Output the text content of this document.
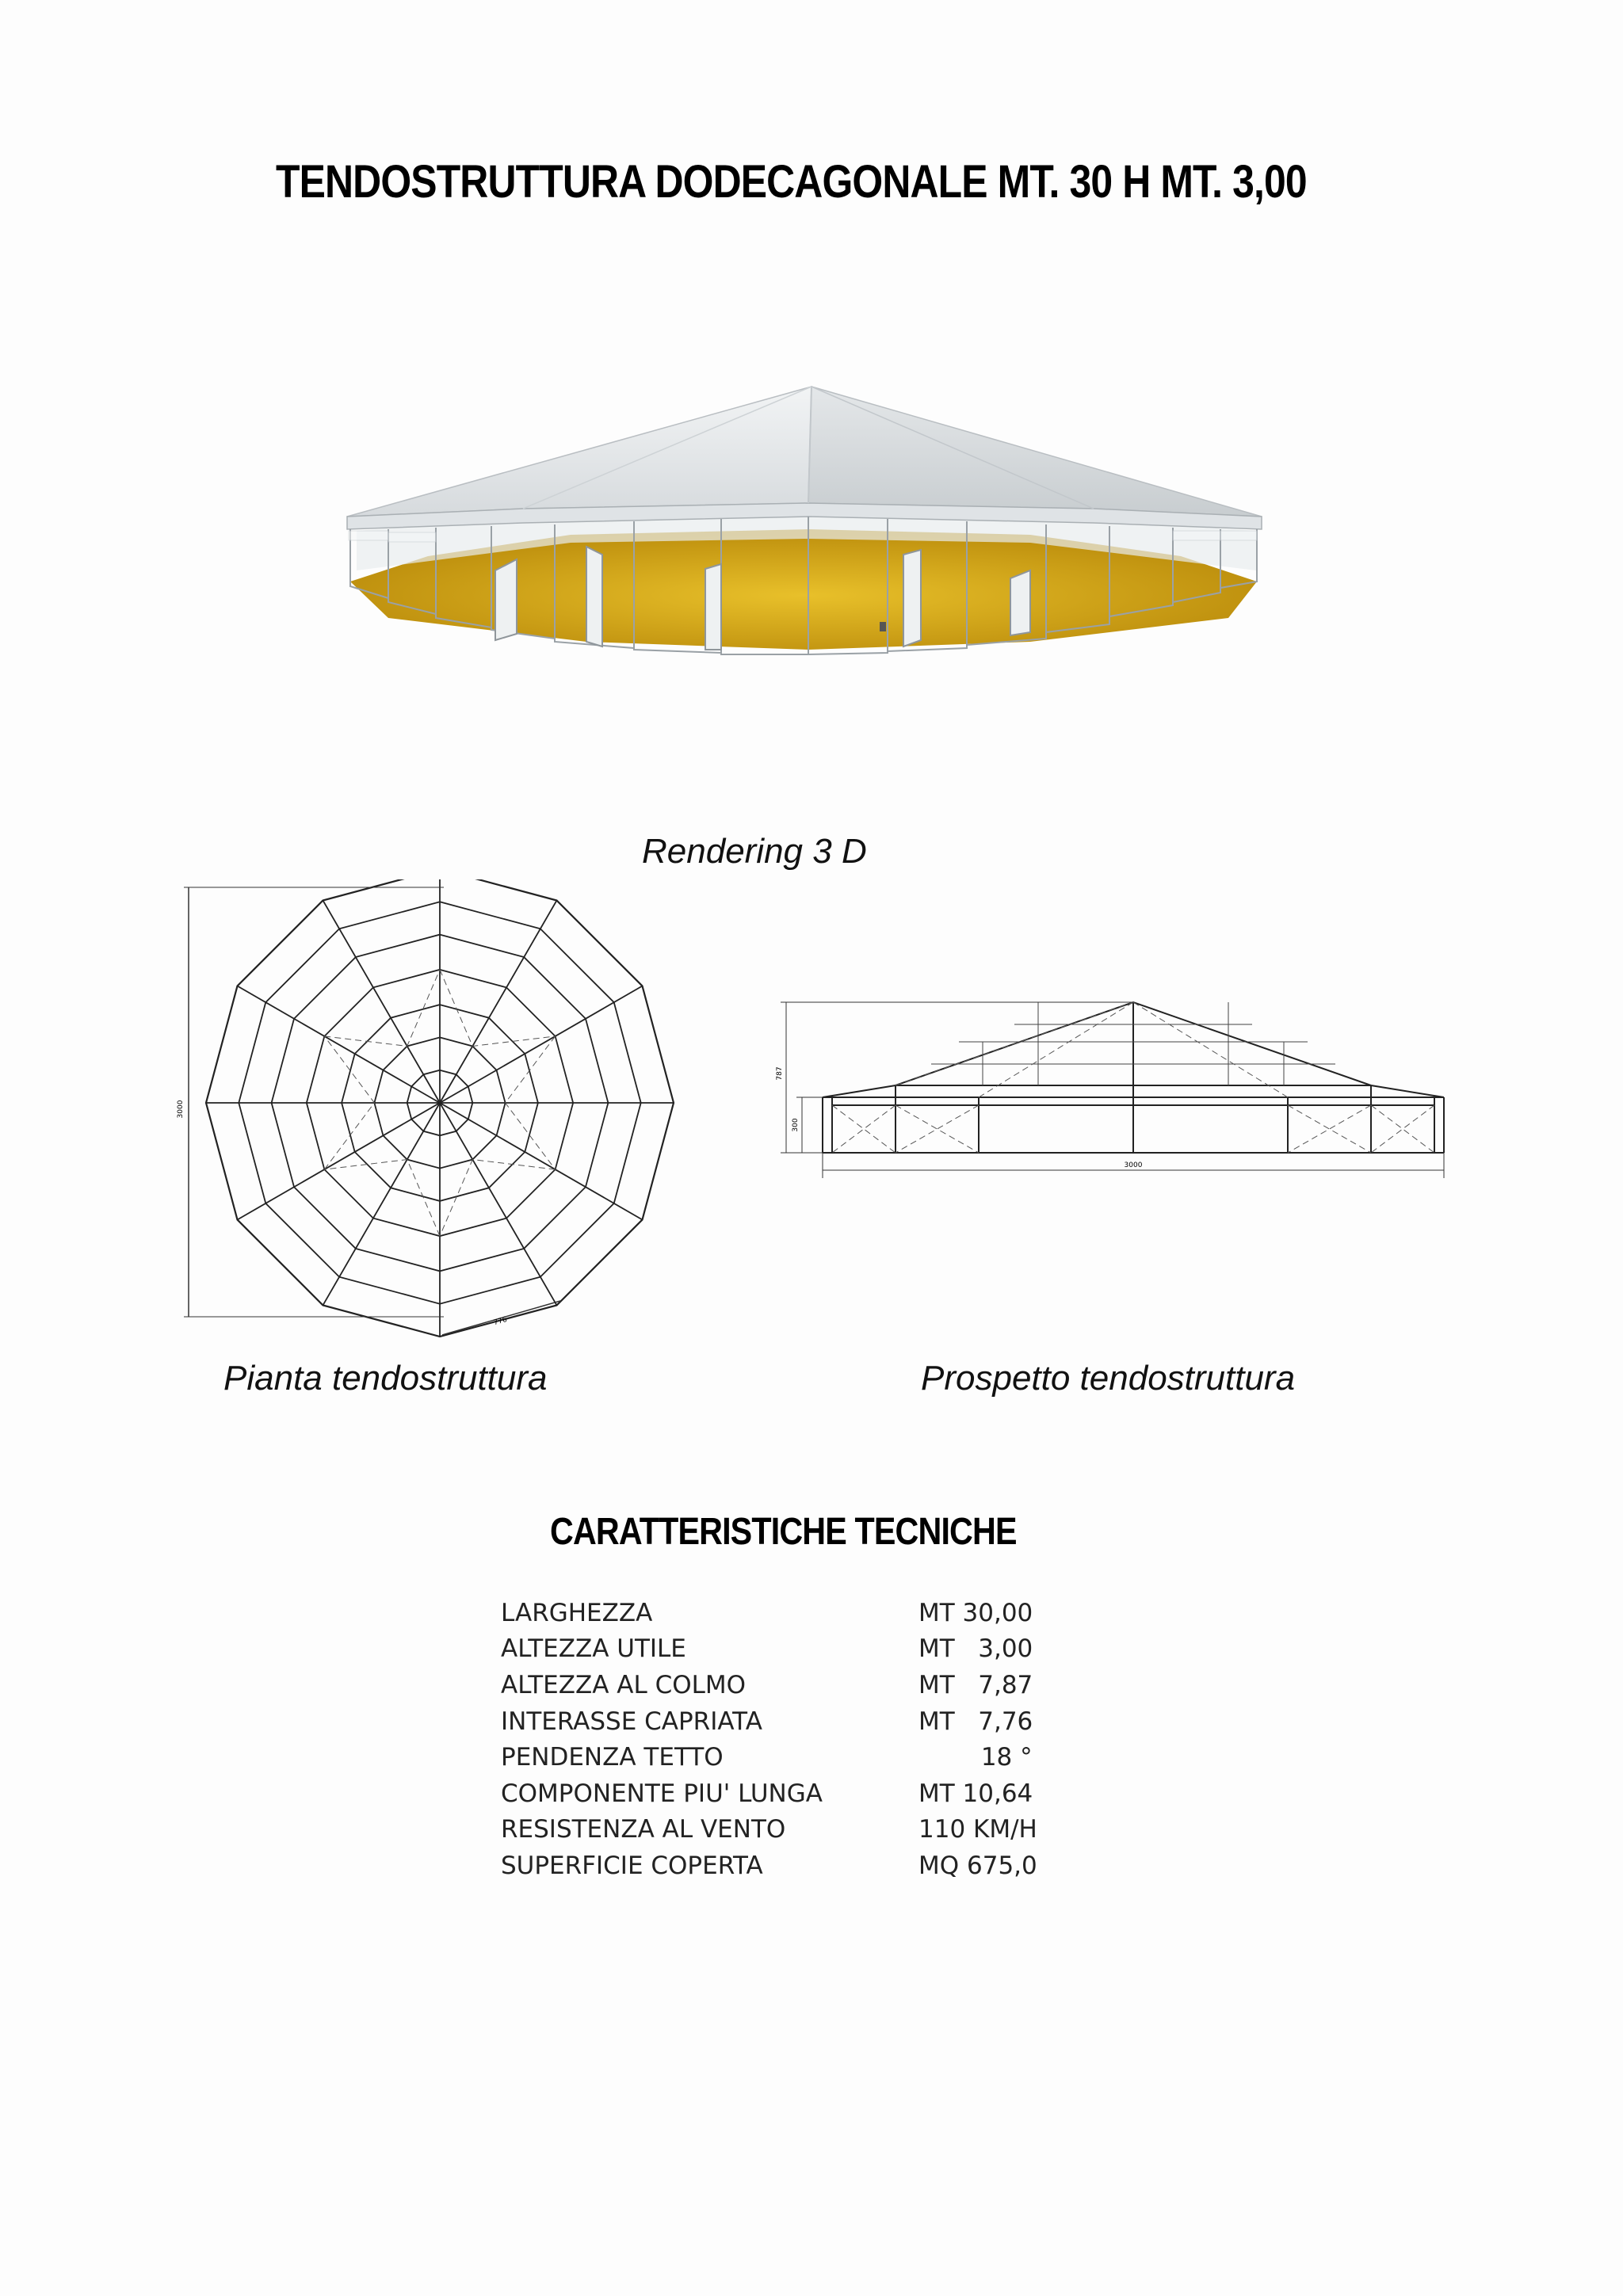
TENDOSTRUTTURA DODECAGONALE MT. 30 H MT. 3,00
Rendering 3 D
3000
776
787
300
3000
Pianta tendostruttura	Prospetto tendostruttura
CARATTERISTICHE TECNICHE
LARGHEZZA	MT 30,00
ALTEZZA UTILE	MT   3,00
ALTEZZA AL COLMO	MT   7,87
INTERASSE CAPRIATA	MT   7,76
PENDENZA TETTO	18 °
COMPONENTE PIU' LUNGA	MT 10,64
RESISTENZA AL VENTO	110 KM/H
SUPERFICIE COPERTA	MQ 675,0
